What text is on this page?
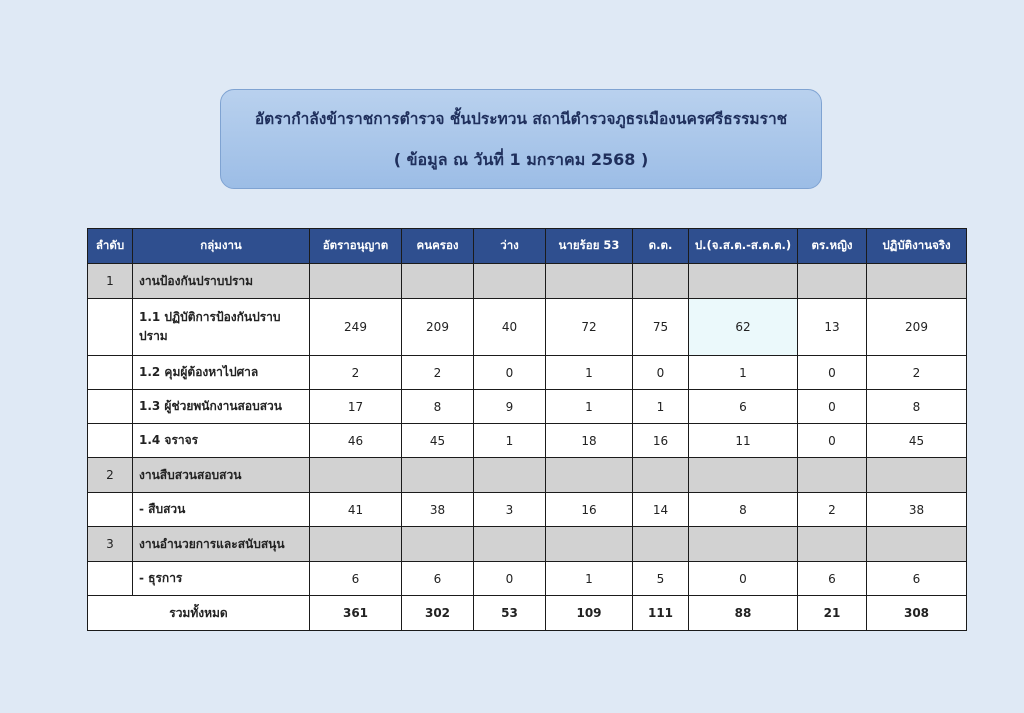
อัตรากำลังข้าราชการตำรวจ ชั้นประทวน สถานีตำรวจภูธรเมืองนครศรีธรรมราช
( ข้อมูล ณ วันที่ 1 มกราคม 2568 )
ลำดับ	กลุ่มงาน	อัตราอนุญาต	คนครอง	ว่าง	นายร้อย 53	ด.ต.	ป.(จ.ส.ต.-ส.ต.ต.)	ตร.หญิง	ปฏิบัติงานจริง
1	งานป้องกันปราบปราม								
	1.1 ปฏิบัติการป้องกันปราบปราม	249	209	40	72	75	62	13	209
	1.2 คุมผู้ต้องหาไปศาล	2	2	0	1	0	1	0	2
	1.3 ผู้ช่วยพนักงานสอบสวน	17	8	9	1	1	6	0	8
	1.4 จราจร	46	45	1	18	16	11	0	45
2	งานสืบสวนสอบสวน								
	- สืบสวน	41	38	3	16	14	8	2	38
3	งานอำนวยการและสนับสนุน								
	- ธุรการ	6	6	0	1	5	0	6	6
รวมทั้งหมด		361	302	53	109	111	88	21	308
